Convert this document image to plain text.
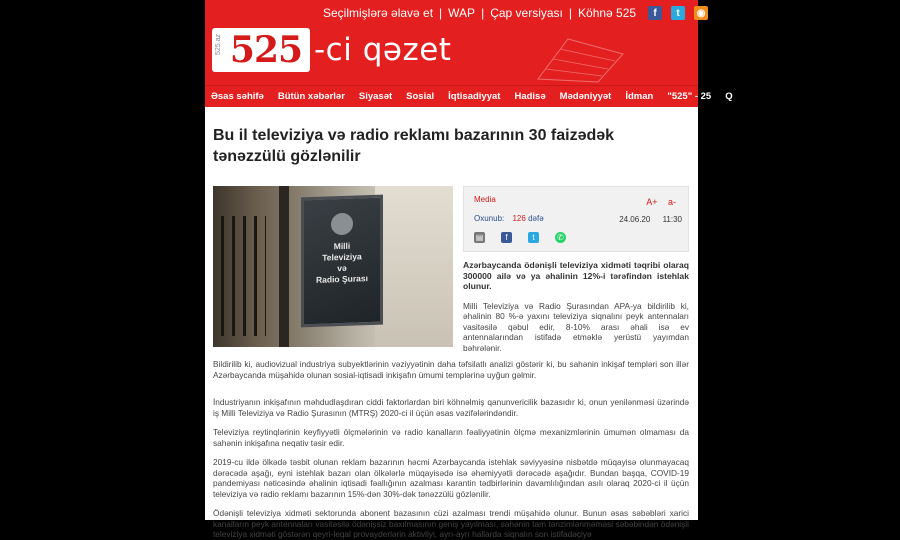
Seçilmişlərə əlavə et | WAP | Çap versiyası | Köhnə 525	f	t	◉
525.az 525 -ci qəzet
Əsas səhifə	Bütün xəbərlər	Siyasət	Sosial	İqtisadiyyat	Hadisə	Mədəniyyət	İdman	"525" - 25	Q
Bu il televiziya və radio reklamı bazarının 30 faizədək tənəzzülü gözlənilir
Milli
Televiziya
və
Radio Şurası
Media	A+ a-
Oxunub: 126 dəfə	24.06.20 11:30
▤	f	t	✆

Azərbaycanda ödənişli televiziya xidməti təqribi olaraq 300000 ailə və ya əhalinin 12%-i tərəfindən istehlak olunur.

Milli Televiziya və Radio Şurasından APA-ya bildirilib ki, əhalinin 80 %-ə yaxını televiziya siqnalını peyk antennaları vasitəsilə qəbul edir, 8-10% arası əhali isə ev antennalarından istifadə etməklə yerüstü yayımdan bəhrələnir.

Bildirilib ki, audiovizual industriya subyektlərinin vəziyyətinin daha təfsilatlı analizi göstərir ki, bu sahənin inkişaf templəri son illər Azərbaycanda müşahidə olunan sosial-iqtisadi inkişafın ümumi templərinə uyğun gəlmir.

İndustriyanın inkişafının məhdudlaşdıran ciddi faktorlardan biri köhnəlmiş qanunvericilik bazasıdır ki, onun yenilənməsi üzərində iş Milli Televiziya və Radio Şurasının (MTRŞ) 2020-ci il üçün əsas vəzifələrindəndir.

Televiziya reytinqlərinin keyfiyyətli ölçmələrinin və radio kanalların fəaliyyətinin ölçmə mexanizmlərinin ümumən olmaması da sahənin inkişafına neqativ təsir edir.

2019-cu ildə ölkədə təsbit olunan reklam bazarının həcmi Azərbaycanda istehlak səviyyəsinə nisbətdə müqayisə olunmayacaq dərəcədə aşağı, eyni istehlak bazarı olan ölkələrlə müqayisədə isə əhəmiyyətli dərəcədə aşağıdır. Bundan başqa, COVID-19 pandemiyası nəticəsində əhalinin iqtisadi fəallığının azalması karantin tədbirlərinin davamlılığından asılı olaraq 2020-ci il üçün televiziya və radio reklamı bazarının 15%-dən 30%-dək tənəzzülü gözlənilir.

Ödənişli televiziya xidməti sektorunda abonent bazasının cüzi azalması trendi müşahidə olunur. Bunun əsas səbəbləri xarici kanalların peyk antennaları vasitəsilə ödənişsiz baxılmasının geniş yayılması, sahənin tam tənzimlənməməsi səbəbindən ödənişli televiziya xidməti göstərən qeyri-leqal provayderlərin aktivliyi, ayrı-ayrı hallarda siqnalın son istifadəçiyə
